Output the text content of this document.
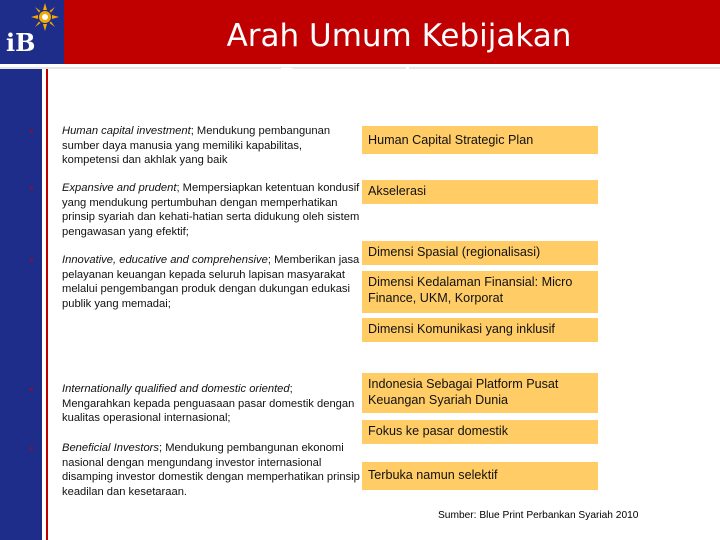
iB	Arah Umum Kebijakan Pengembangan
▪	Human capital investment; Mendukung pembangunan sumber daya manusia yang memiliki kapabilitas, kompetensi dan akhlak yang baik
▪	Expansive and prudent; Mempersiapkan ketentuan kondusif yang mendukung pertumbuhan dengan memperhatikan prinsip syariah dan kehati-hatian serta didukung oleh sistem pengawasan yang efektif;
▪	Innovative, educative and comprehensive; Memberikan jasa pelayanan keuangan kepada seluruh lapisan masyarakat melalui pengembangan produk dengan dukungan edukasi publik yang memadai;
▪	Internationally qualified and domestic oriented; Mengarahkan kepada penguasaan pasar domestik dengan kualitas operasional internasional;
▪	Beneficial Investors; Mendukung pembangunan ekonomi nasional dengan mengundang investor internasional disamping investor domestik dengan memperhatikan prinsip keadilan dan kesetaraan.
Human Capital Strategic Plan
Akselerasi
Dimensi Spasial (regionalisasi)
Dimensi Kedalaman Finansial: Micro Finance, UKM, Korporat
Dimensi Komunikasi yang inklusif
Indonesia Sebagai Platform Pusat Keuangan Syariah Dunia
Fokus ke pasar domestik
Terbuka namun selektif
Sumber: Blue Print Perbankan Syariah 2010
